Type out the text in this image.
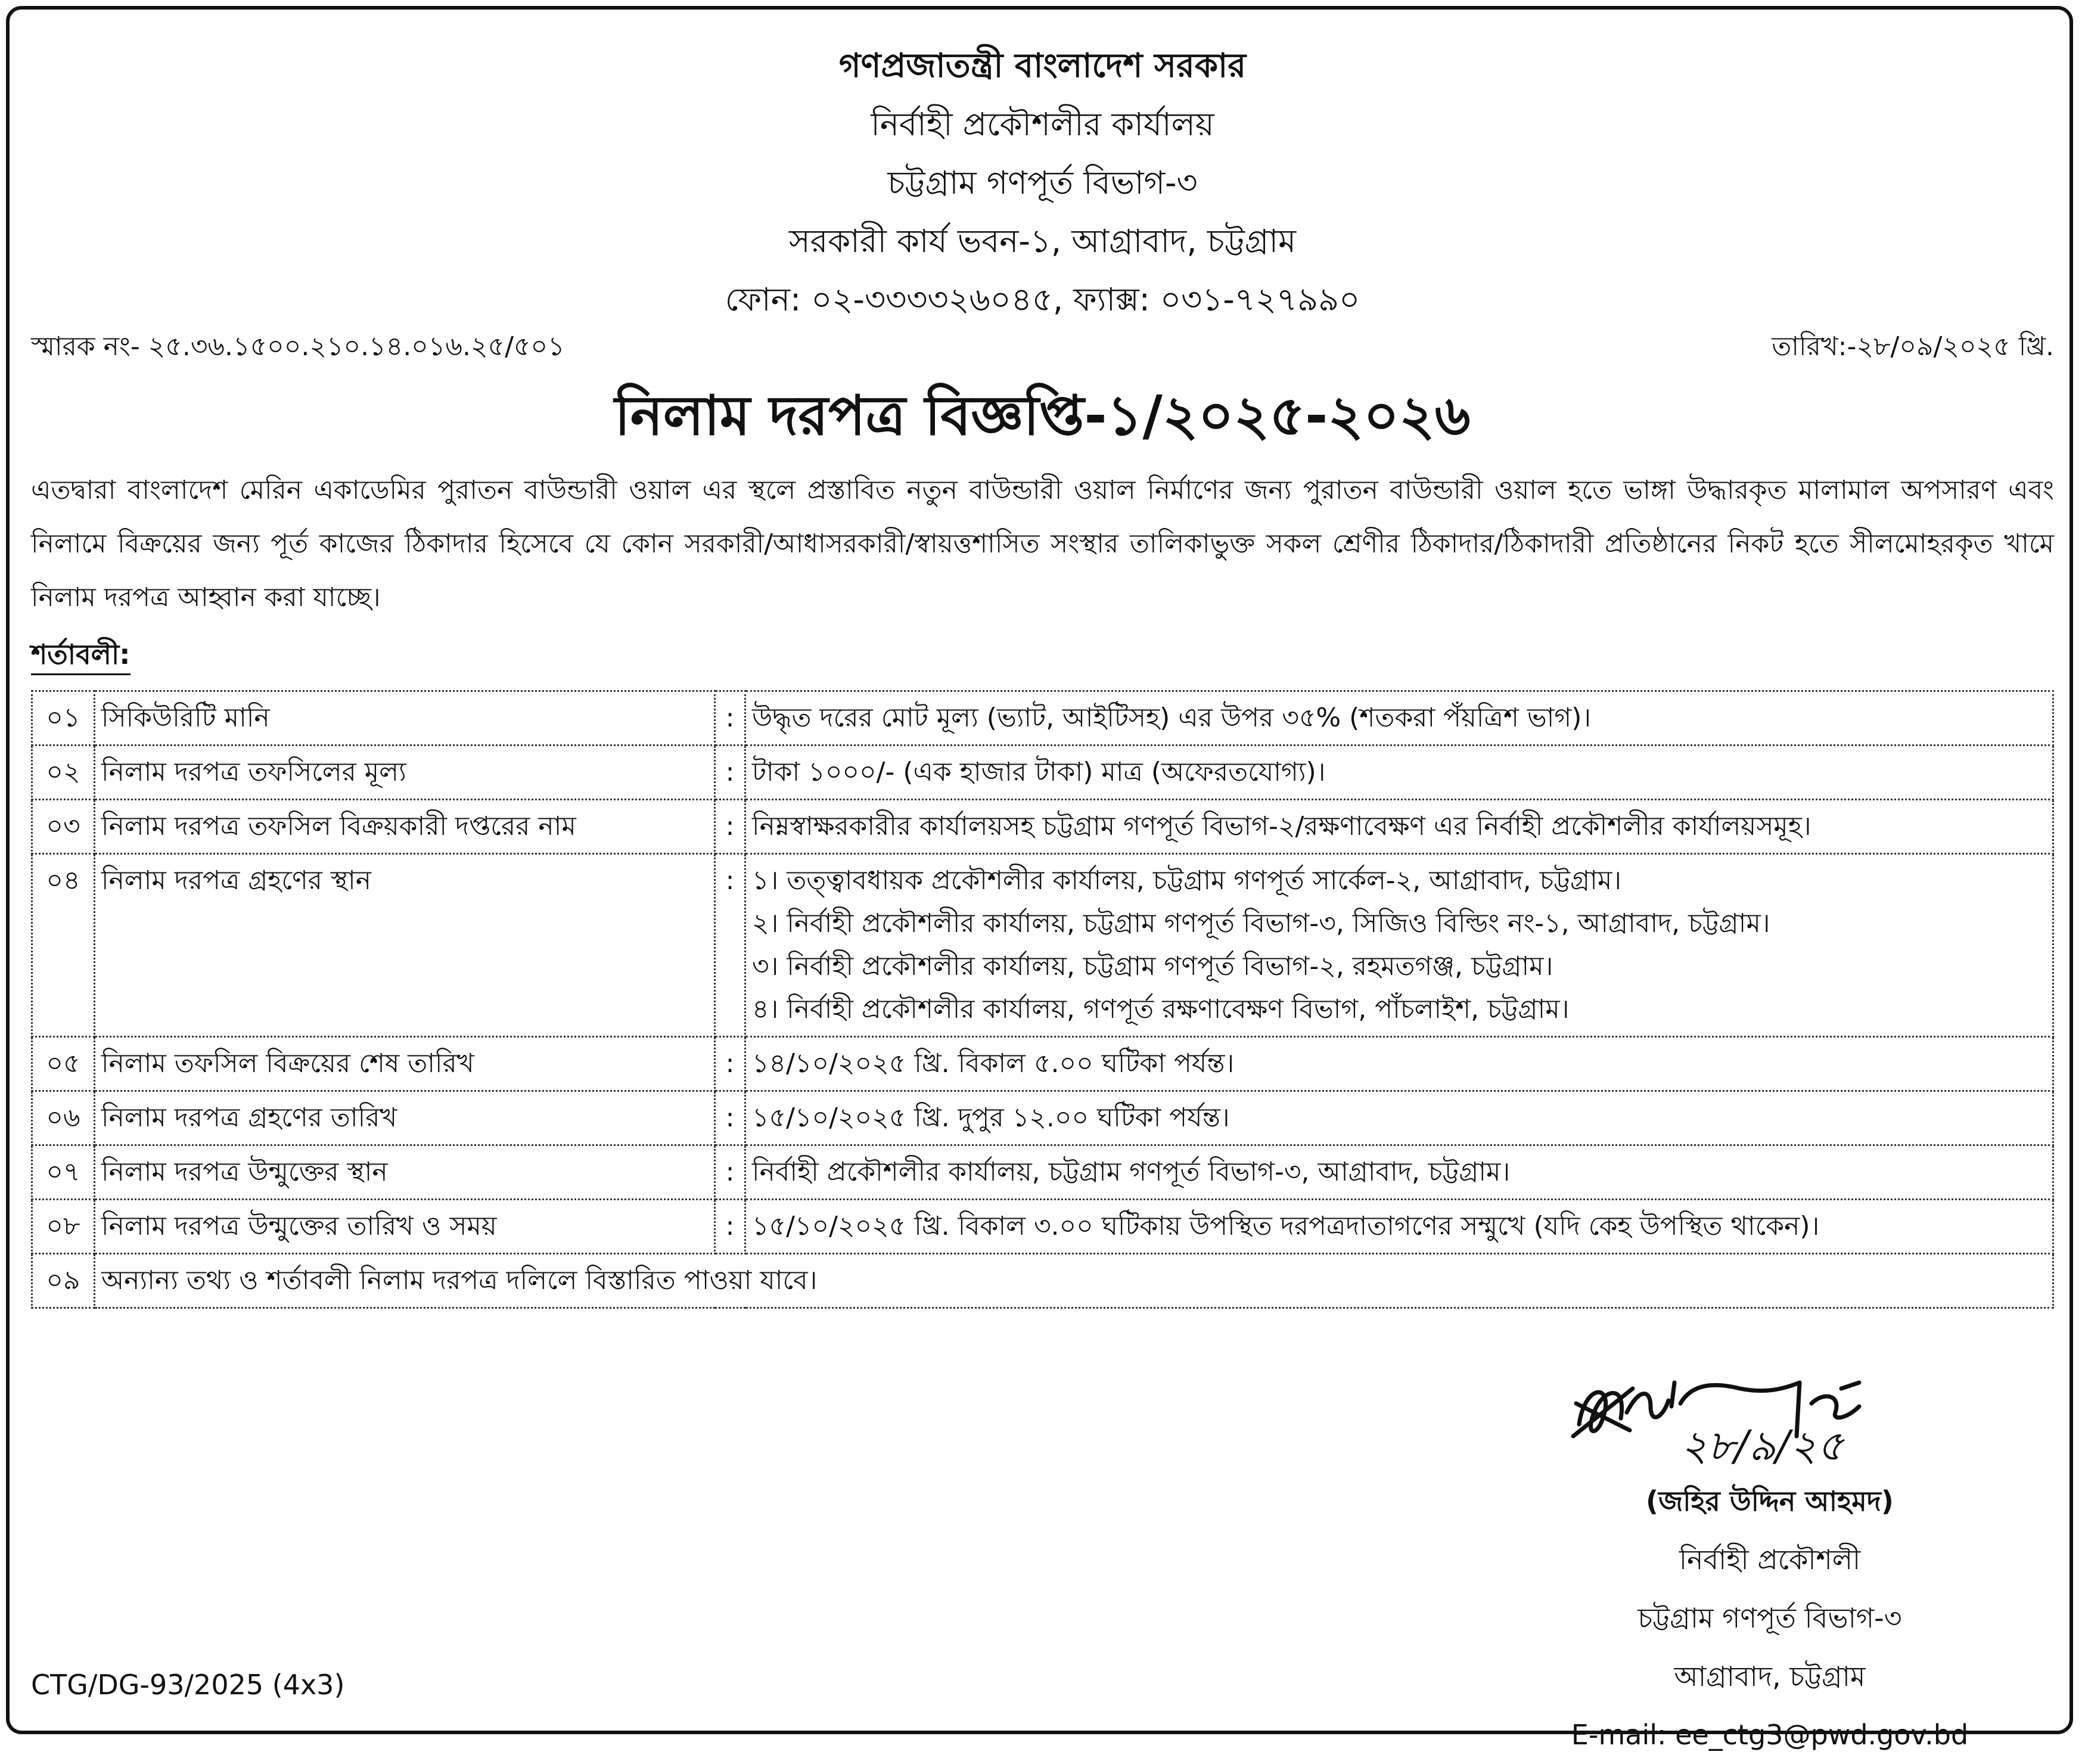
গণপ্রজাতন্ত্রী বাংলাদেশ সরকার
নির্বাহী প্রকৌশলীর কার্যালয়
চট্টগ্রাম গণপূর্ত বিভাগ-৩
সরকারী কার্য ভবন-১, আগ্রাবাদ, চট্টগ্রাম
ফোন: ০২-৩৩৩৩২৬০৪৫, ফ্যাক্স: ০৩১-৭২৭৯৯০
স্মারক নং- ২৫.৩৬.১৫০০.২১০.১৪.০১৬.২৫/৫০১	তারিখ:-২৮/০৯/২০২৫ খ্রি.
নিলাম দরপত্র বিজ্ঞপ্তি-১/২০২৫-২০২৬
এতদ্বারা বাংলাদেশ মেরিন একাডেমির পুরাতন বাউন্ডারী ওয়াল এর স্থলে প্রস্তাবিত নতুন বাউন্ডারী ওয়াল নির্মাণের জন্য পুরাতন বাউন্ডারী ওয়াল হতে ভাঙ্গা উদ্ধারকৃত মালামাল অপসারণ এবং নিলামে বিক্রয়ের জন্য পূর্ত কাজের ঠিকাদার হিসেবে যে কোন সরকারী/আধাসরকারী/স্বায়ত্তশাসিত সংস্থার তালিকাভুক্ত সকল শ্রেণীর ঠিকাদার/ঠিকাদারী প্রতিষ্ঠানের নিকট হতে সীলমোহরকৃত খামে নিলাম দরপত্র আহ্বান করা যাচ্ছে।
শর্তাবলী:
০১	সিকিউরিটি মানি	:	উদ্ধৃত দরের মোট মূল্য (ভ্যাট, আইটিসহ) এর উপর ৩৫% (শতকরা পঁয়ত্রিশ ভাগ)।
০২	নিলাম দরপত্র তফসিলের মূল্য	:	টাকা ১০০০/- (এক হাজার টাকা) মাত্র (অফেরতযোগ্য)।
০৩	নিলাম দরপত্র তফসিল বিক্রয়কারী দপ্তরের নাম	:	নিম্নস্বাক্ষরকারীর কার্যালয়সহ চট্টগ্রাম গণপূর্ত বিভাগ-২/রক্ষণাবেক্ষণ এর নির্বাহী প্রকৌশলীর কার্যালয়সমূহ।
০৪	নিলাম দরপত্র গ্রহণের স্থান	:	১। তত্ত্বাবধায়ক প্রকৌশলীর কার্যালয়, চট্টগ্রাম গণপূর্ত সার্কেল-২, আগ্রাবাদ, চট্টগ্রাম।
২। নির্বাহী প্রকৌশলীর কার্যালয়, চট্টগ্রাম গণপূর্ত বিভাগ-৩, সিজিও বিল্ডিং নং-১, আগ্রাবাদ, চট্টগ্রাম।
৩। নির্বাহী প্রকৌশলীর কার্যালয়, চট্টগ্রাম গণপূর্ত বিভাগ-২, রহমতগঞ্জ, চট্টগ্রাম।
৪। নির্বাহী প্রকৌশলীর কার্যালয়, গণপূর্ত রক্ষণাবেক্ষণ বিভাগ, পাঁচলাইশ, চট্টগ্রাম।

০৫	নিলাম তফসিল বিক্রয়ের শেষ তারিখ	:	১৪/১০/২০২৫ খ্রি. বিকাল ৫.০০ ঘটিকা পর্যন্ত।
০৬	নিলাম দরপত্র গ্রহণের তারিখ	:	১৫/১০/২০২৫ খ্রি. দুপুর ১২.০০ ঘটিকা পর্যন্ত।
০৭	নিলাম দরপত্র উন্মুক্তের স্থান	:	নির্বাহী প্রকৌশলীর কার্যালয়, চট্টগ্রাম গণপূর্ত বিভাগ-৩, আগ্রাবাদ, চট্টগ্রাম।
০৮	নিলাম দরপত্র উন্মুক্তের তারিখ ও সময়	:	১৫/১০/২০২৫ খ্রি. বিকাল ৩.০০ ঘটিকায় উপস্থিত দরপত্রদাতাগণের সম্মুখে (যদি কেহ উপস্থিত থাকেন)।
০৯	অন্যান্য তথ্য ও শর্তাবলী নিলাম দরপত্র দলিলে বিস্তারিত পাওয়া যাবে।		
২৮/৯/২৫
(জহির উদ্দিন আহমদ)
নির্বাহী প্রকৌশলী
চট্টগ্রাম গণপূর্ত বিভাগ-৩
আগ্রাবাদ, চট্টগ্রাম
E-mail: ee_ctg3@pwd.gov.bd
CTG/DG-93/2025 (4x3)
